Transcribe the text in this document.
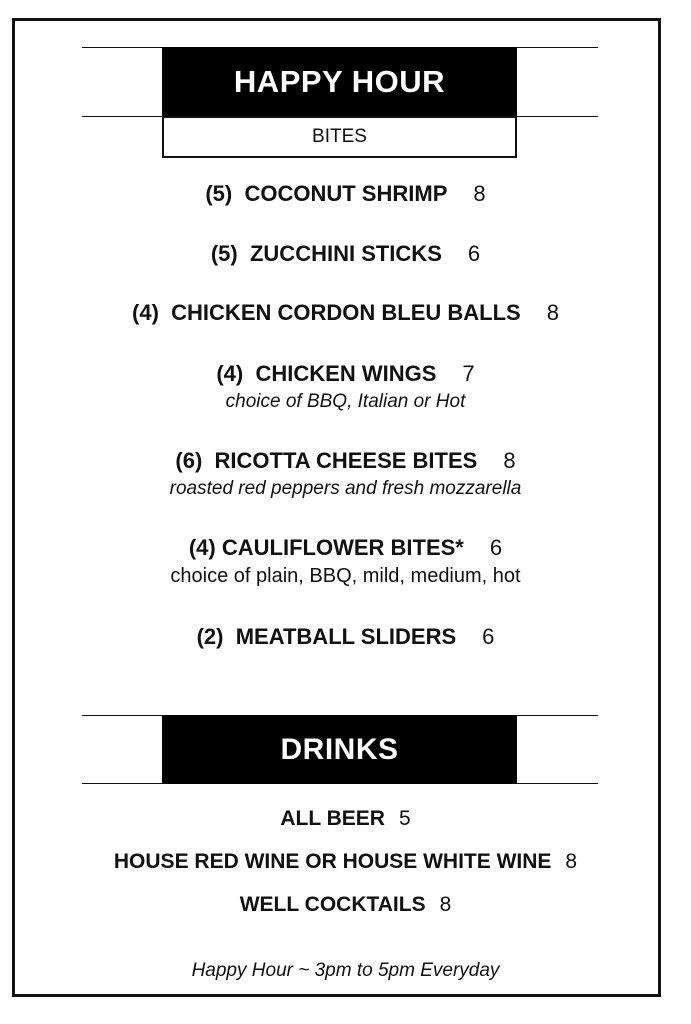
HAPPY HOUR
BITES
(5) COCONUT SHRIMP 8
(5) ZUCCHINI STICKS 6
(4) CHICKEN CORDON BLEU BALLS 8
(4) CHICKEN WINGS 7
choice of BBQ, Italian or Hot
(6) RICOTTA CHEESE BITES 8
roasted red peppers and fresh mozzarella
(4) CAULIFLOWER BITES* 6
choice of plain, BBQ, mild, medium, hot
(2) MEATBALL SLIDERS 6
DRINKS
ALL BEER 5
HOUSE RED WINE OR HOUSE WHITE WINE 8
WELL COCKTAILS 8
Happy Hour ~ 3pm to 5pm Everyday
